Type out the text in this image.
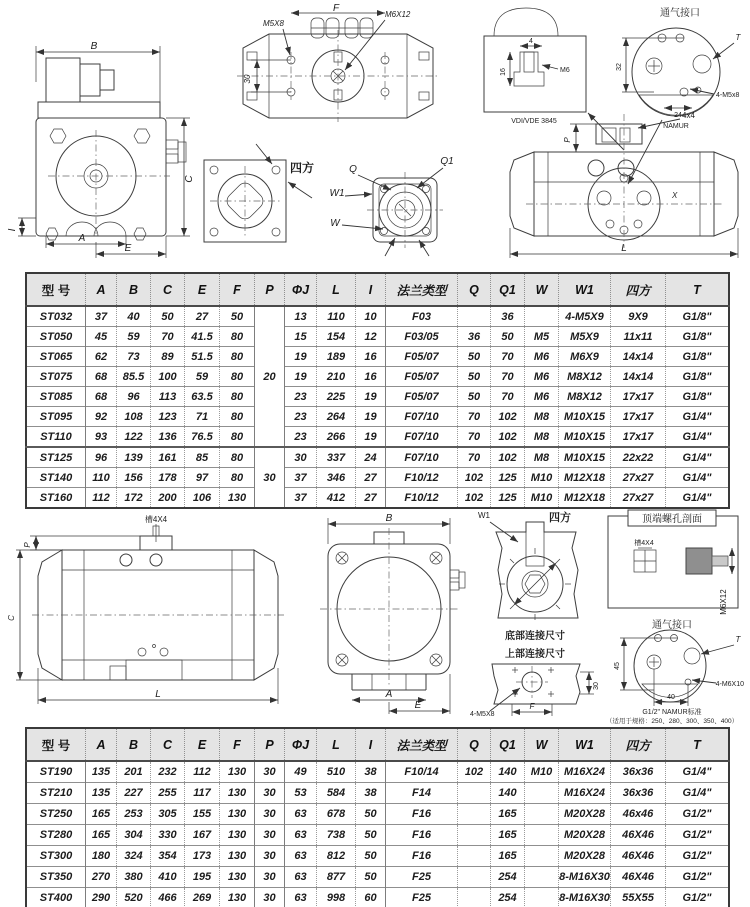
B
C
I
A
E
F
30
M5X8
M6X12
四方	Q
Q1
W1
W
4
16	M6
VDI/VDE 3845
通气接口
32
24
T
4-M5x8
NAMUR
4x4
P
X
L
型 号	A	B	C	E	F	P	ΦJ	L	I	法兰类型	Q	Q1	W	W1	四方	T
ST032	37	40	50	27	50	20	13	110	10	F03		36		4-M5X9	9X9	G1/8"
ST050	45	59	70	41.5	80		15	154	12	F03/05	36	50	M5	M5X9	11x11	G1/8"
ST065	62	73	89	51.5	80		19	189	16	F05/07	50	70	M6	M6X9	14x14	G1/8"
ST075	68	85.5	100	59	80		19	210	16	F05/07	50	70	M6	M8X12	14x14	G1/8"
ST085	68	96	113	63.5	80		23	225	19	F05/07	50	70	M6	M8X12	17x17	G1/8"
ST095	92	108	123	71	80		23	264	19	F07/10	70	102	M8	M10X15	17x17	G1/4"
ST110	93	122	136	76.5	80		23	266	19	F07/10	70	102	M8	M10X15	17x17	G1/4"
ST125	96	139	161	85	80	30	30	337	24	F07/10	70	102	M8	M10X15	22x22	G1/4"
ST140	110	156	178	97	80		37	346	27	F10/12	102	125	M10	M12X18	27x27	G1/4"
ST160	112	172	200	106	130		37	412	27	F10/12	102	125	M10	M12X18	27x27	G1/4"
槽4X4
P
C
L
B
A
E
W1	四方
底部连接尺寸
上部连接尺寸
30
F
4-M5X8
顶端螺孔剖面
槽4X4
M6X12
通气接口
45
40
T
4-M6X10
G1/2" NAMUR标准
（适用于规格：250、280、300、350、400）
型 号	A	B	C	E	F	P	ΦJ	L	I	法兰类型	Q	Q1	W	W1	四方	T
ST190	135	201	232	112	130	30	49	510	38	F10/14	102	140	M10	M16X24	36x36	G1/4"
ST210	135	227	255	117	130	30	53	584	38	F14		140		M16X24	36x36	G1/4"
ST250	165	253	305	155	130	30	63	678	50	F16		165		M20X28	46x46	G1/2"
ST280	165	304	330	167	130	30	63	738	50	F16		165		M20X28	46X46	G1/2"
ST300	180	324	354	173	130	30	63	812	50	F16		165		M20X28	46X46	G1/2"
ST350	270	380	410	195	130	30	63	877	50	F25		254		8-M16X30	46X46	G1/2"
ST400	290	520	466	269	130	30	63	998	60	F25		254		8-M16X30	55X55	G1/2"
